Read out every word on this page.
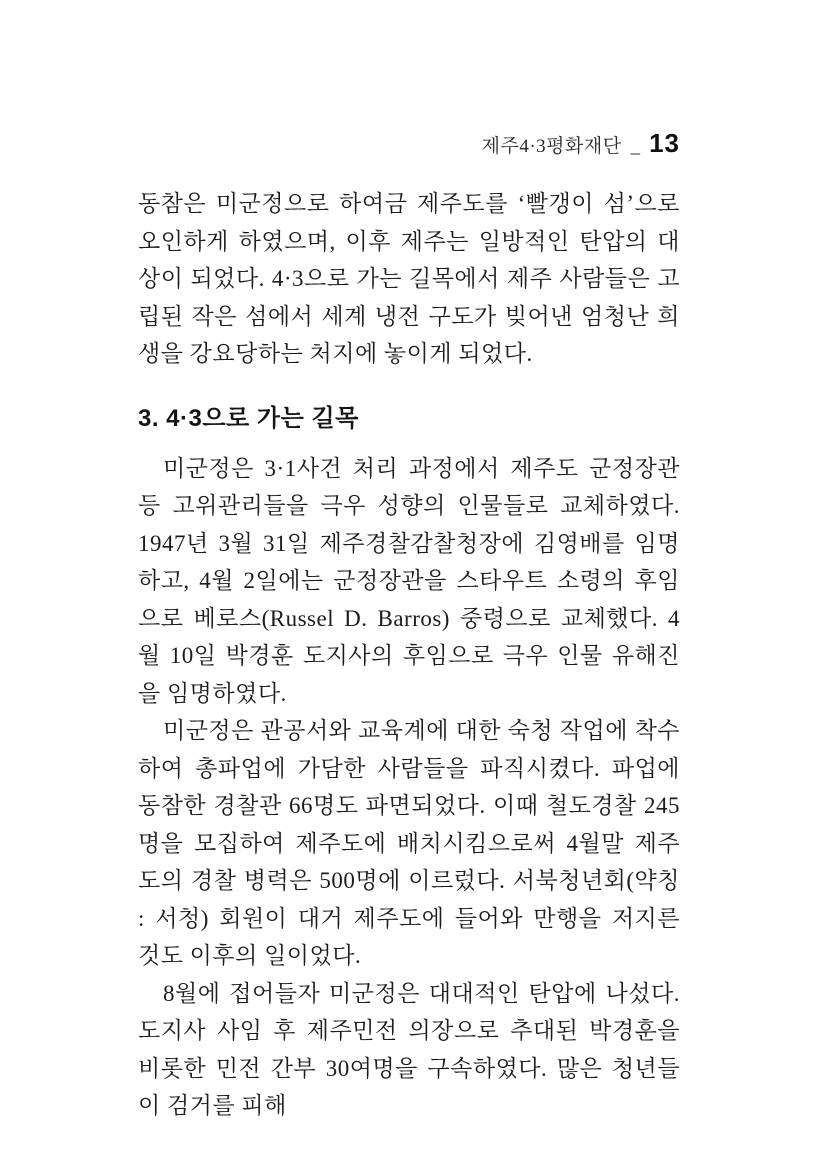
제주4·3평화재단 _ 13

동참은 미군정으로 하여금 제주도를 ‘빨갱이 섬’으로 오인하게 하였으며, 이후 제주는 일방적인 탄압의 대상이 되었다. 4·3으로 가는 길목에서 제주 사람들은 고립된 작은 섬에서 세계 냉전 구도가 빚어낸 엄청난 희생을 강요당하는 처지에 놓이게 되었다.

3. 4·3으로 가는 길목

미군정은 3·1사건 처리 과정에서 제주도 군정장관 등 고위관리들을 극우 성향의 인물들로 교체하였다. 1947년 3월 31일 제주경찰감찰청장에 김영배를 임명하고, 4월 2일에는 군정장관을 스타우트 소령의 후임으로 베로스(Russel D. Barros) 중령으로 교체했다. 4월 10일 박경훈 도지사의 후임으로 극우 인물 유해진을 임명하였다.

미군정은 관공서와 교육계에 대한 숙청 작업에 착수하여 총파업에 가담한 사람들을 파직시켰다. 파업에 동참한 경찰관 66명도 파면되었다. 이때 철도경찰 245명을 모집하여 제주도에 배치시킴으로써 4월말 제주도의 경찰 병력은 500명에 이르렀다. 서북청년회(약칭 : 서청) 회원이 대거 제주도에 들어와 만행을 저지른 것도 이후의 일이었다.

8월에 접어들자 미군정은 대대적인 탄압에 나섰다. 도지사 사임 후 제주민전 의장으로 추대된 박경훈을 비롯한 민전 간부 30여명을 구속하였다. 많은 청년들이 검거를 피해
